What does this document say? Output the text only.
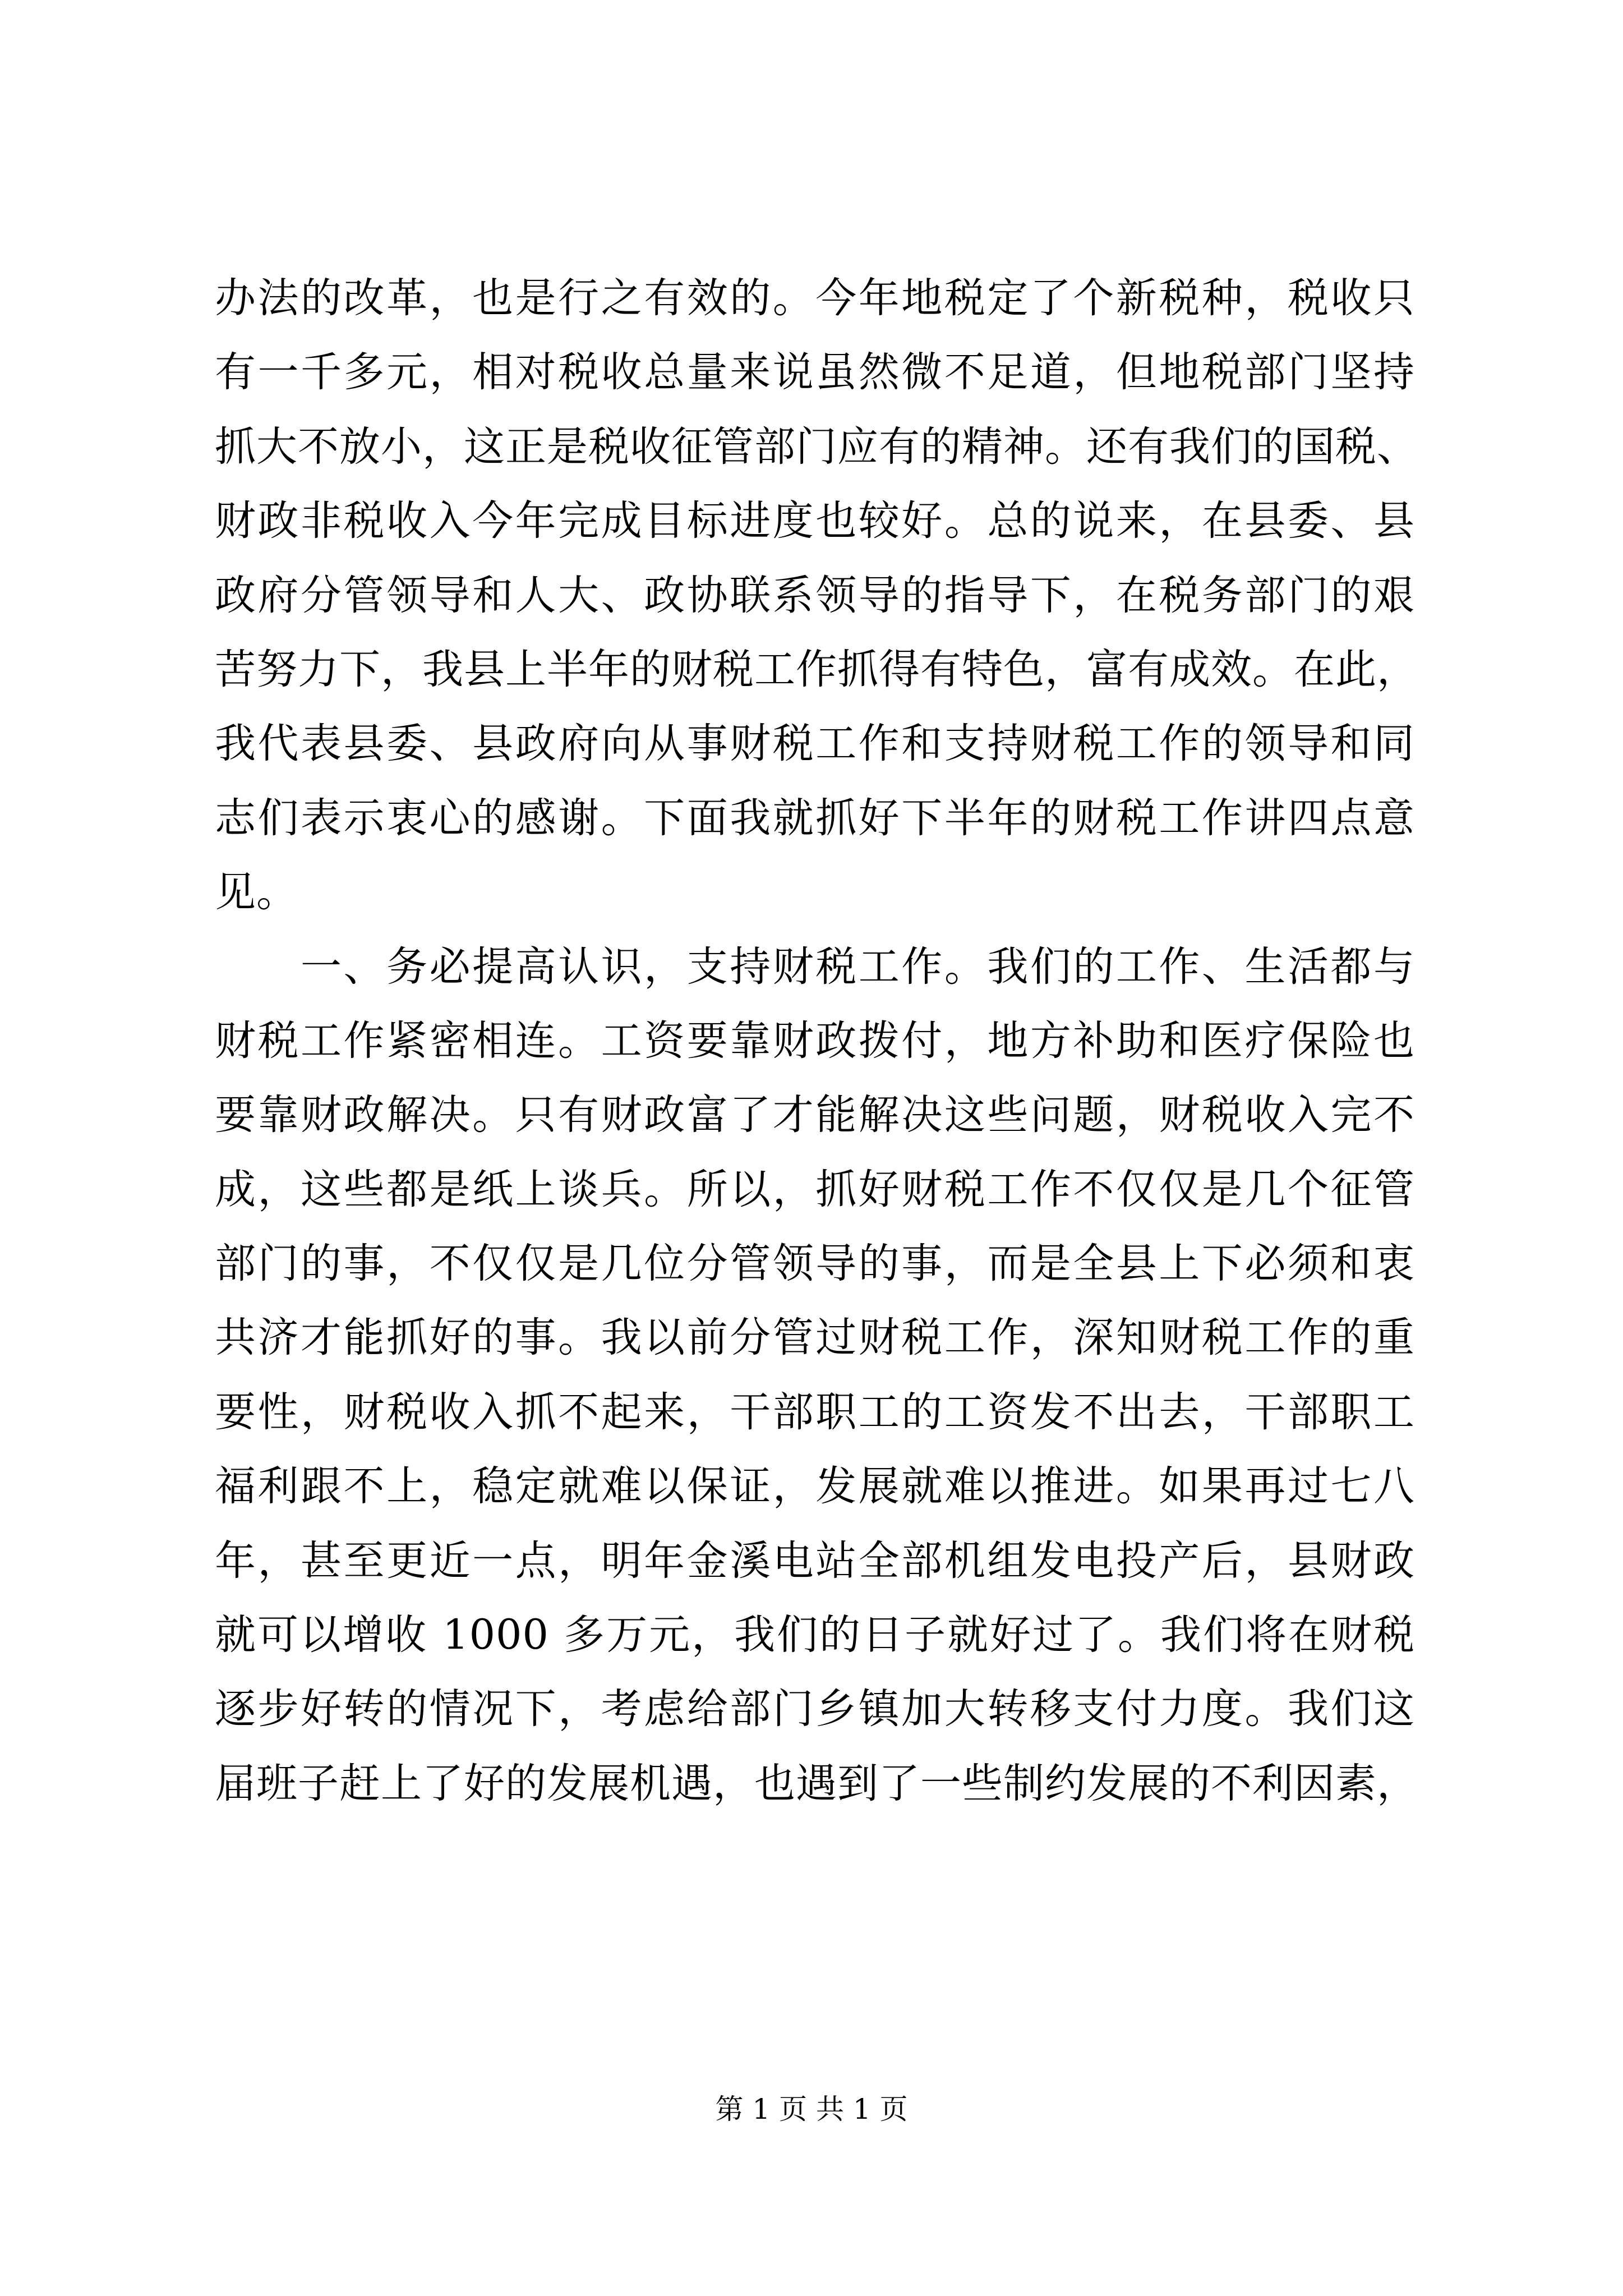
办法的改革，也是行之有效的。今年地税定了个新税种，税收只
有一千多元，相对税收总量来说虽然微不足道，但地税部门坚持
抓大不放小，这正是税收征管部门应有的精神。还有我们的国税、
财政非税收入今年完成目标进度也较好。总的说来，在县委、县
政府分管领导和人大、政协联系领导的指导下，在税务部门的艰
苦努力下，我县上半年的财税工作抓得有特色，富有成效。在此，
我代表县委、县政府向从事财税工作和支持财税工作的领导和同
志们表示衷心的感谢。下面我就抓好下半年的财税工作讲四点意
见。
　　一、务必提高认识，支持财税工作。我们的工作、生活都与
财税工作紧密相连。工资要靠财政拨付，地方补助和医疗保险也
要靠财政解决。只有财政富了才能解决这些问题，财税收入完不
成，这些都是纸上谈兵。所以，抓好财税工作不仅仅是几个征管
部门的事，不仅仅是几位分管领导的事，而是全县上下必须和衷
共济才能抓好的事。我以前分管过财税工作，深知财税工作的重
要性，财税收入抓不起来，干部职工的工资发不出去，干部职工
福利跟不上，稳定就难以保证，发展就难以推进。如果再过七八
年，甚至更近一点，明年金溪电站全部机组发电投产后，县财政
就可以增收 1000 多万元，我们的日子就好过了。我们将在财税
逐步好转的情况下，考虑给部门乡镇加大转移支付力度。我们这
届班子赶上了好的发展机遇，也遇到了一些制约发展的不利因素，
第 1 页 共 1 页
